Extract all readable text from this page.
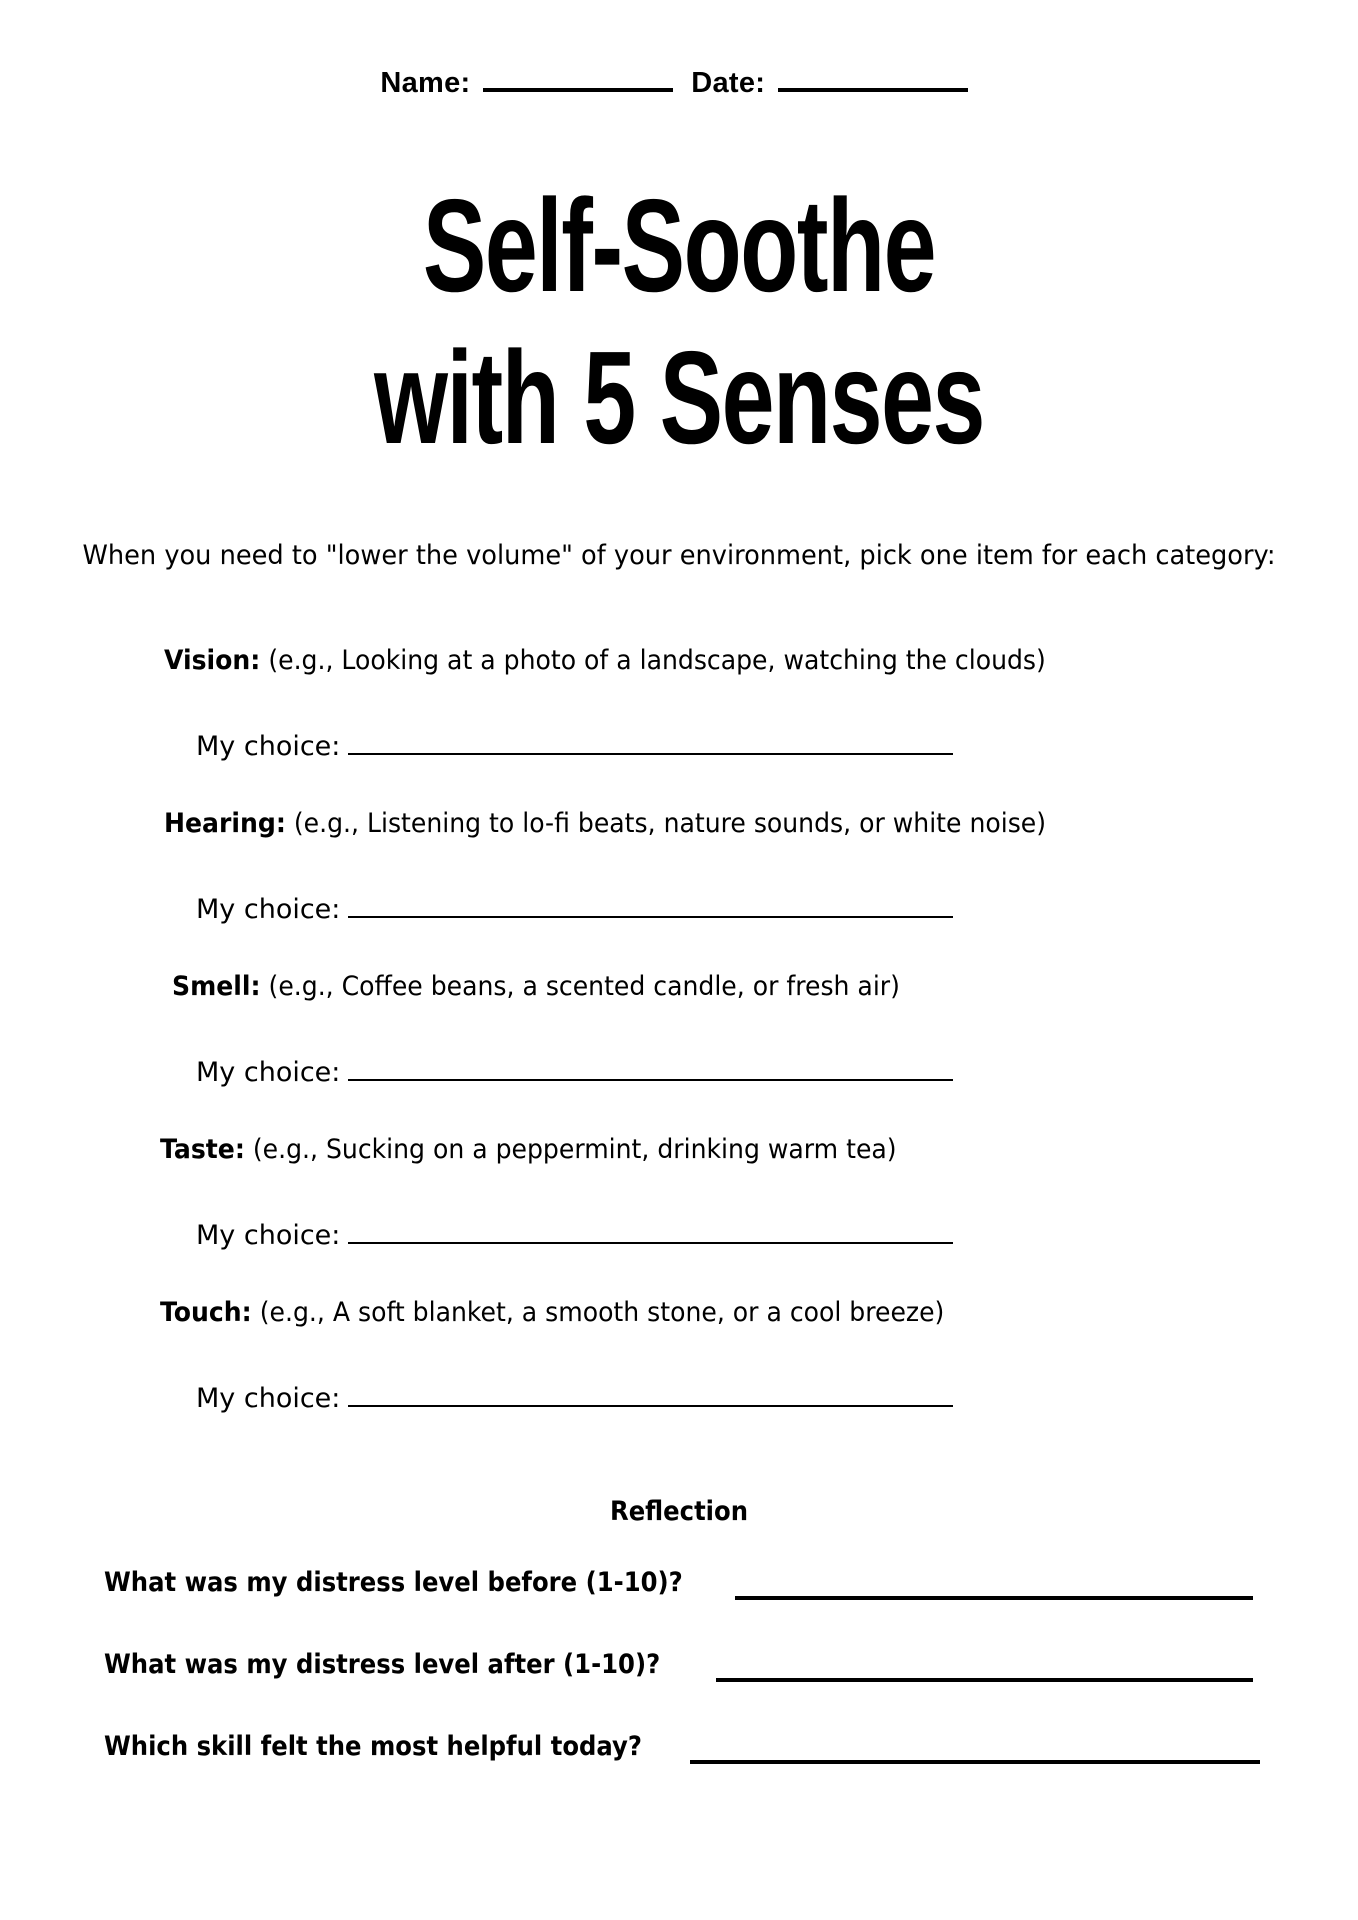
Name:	Date:
Self-Soothe
with 5 Senses
When you need to "lower the volume" of your environment, pick one item for each category:
Vision: (e.g., Looking at a photo of a landscape, watching the clouds)
My choice:
Hearing: (e.g., Listening to lo-fi beats, nature sounds, or white noise)
My choice:
Smell: (e.g., Coffee beans, a scented candle, or fresh air)
My choice:
Taste: (e.g., Sucking on a peppermint, drinking warm tea)
My choice:
Touch: (e.g., A soft blanket, a smooth stone, or a cool breeze)
My choice:
Reflection
What was my distress level before (1-10)?
What was my distress level after (1-10)?
Which skill felt the most helpful today?
